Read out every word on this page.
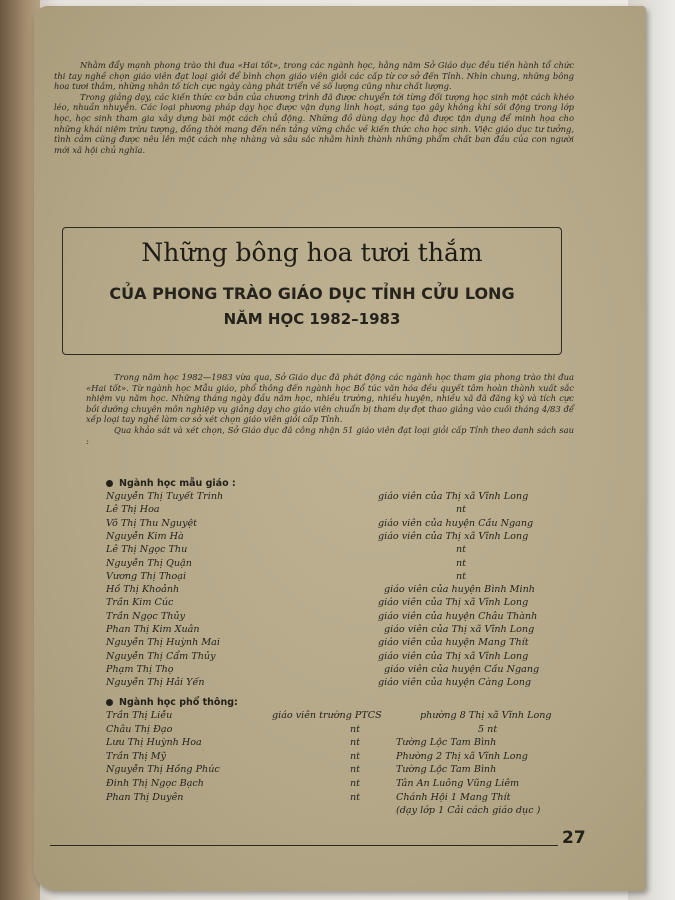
Nhằm đẩy mạnh phong trào thi đua «Hai tốt», trong các ngành học, hằng năm Sở Giáo dục đều tiến hành tổ chức thi tay nghề chọn giáo viên đạt loại giỏi để bình chọn giáo viên giỏi các cấp từ cơ sở đến Tỉnh. Nhìn chung, những bông hoa tươi thắm, những nhân tố tích cực ngày càng phát triển về số lượng cũng như chất lượng.

Trong giảng dạy, các kiến thức cơ bản của chương trình đã được chuyển tới từng đối tượng học sinh một cách khéo léo, nhuần nhuyễn. Các loại phương pháp dạy học được vận dụng linh hoạt, sáng tạo gây không khí sôi động trong lớp học, học sinh tham gia xây dựng bài một cách chủ động. Những đồ dùng dạy học đã được tận dụng để minh họa cho những khái niệm trừu tượng, đồng thời mang đến nền tảng vững chắc về kiến thức cho học sinh. Việc giáo dục tư tưởng, tình cảm cũng được nêu lên một cách nhẹ nhàng và sâu sắc nhằm hình thành những phẩm chất ban đầu của con người mới xã hội chủ nghĩa.

Những bông hoa tươi thắm
CỦA PHONG TRÀO GIÁO DỤC TỈNH CỬU LONG
NĂM HỌC 1982–1983

Trong năm học 1982—1983 vừa qua, Sở Giáo dục đã phát động các ngành học tham gia phong trào thi đua «Hai tốt». Từ ngành học Mẫu giáo, phổ thông đến ngành học Bổ túc văn hóa đều quyết tâm hoàn thành xuất sắc nhiệm vụ năm học. Những tháng ngày đầu năm học, nhiều trường, nhiều huyện, nhiều xã đã đăng ký và tích cực bồi dưỡng chuyên môn nghiệp vụ giảng dạy cho giáo viên chuẩn bị tham dự đợt thao giảng vào cuối tháng 4/83 để xếp loại tay nghề làm cơ sở xét chọn giáo viên giỏi cấp Tỉnh.

Qua khảo sát và xét chọn, Sở Giáo dục đã công nhận 51 giáo viên đạt loại giỏi cấp Tỉnh theo danh sách sau :

Ngành học mẫu giáo :
Nguyễn Thị Tuyết Trinh	giáo viên của Thị xã Vĩnh Long
Lê Thị Hoa	nt
Võ Thị Thu Nguyệt	giáo viên của huyện Cầu Ngang
Nguyễn Kim Hà	giáo viên của Thị xã Vĩnh Long
Lê Thị Ngọc Thu	nt
Nguyễn Thị Quận	nt
Vương Thị Thoại	nt
Hồ Thị Khoảnh	giáo viên của huyện Bình Minh
Trần Kim Cúc	giáo viên của Thị xã Vĩnh Long
Trần Ngọc Thủy	giáo viên của huyện Châu Thành
Phan Thị Kim Xuân	giáo viên của Thị xã Vĩnh Long
Nguyễn Thị Huỳnh Mai	giáo viên của huyện Mang Thít
Nguyễn Thị Cẩm Thủy	giáo viên của Thị xã Vĩnh Long
Phạm Thị Thọ	giáo viên của huyện Cầu Ngang
Nguyễn Thị Hải Yến	giáo viên của huyện Càng Long
Ngành học phổ thông:
Trần Thị Liễu	giáo viên trường PTCS	phường 8 Thị xã Vĩnh Long
Châu Thị Đạo	nt	5 nt
Lưu Thị Huỳnh Hoa	nt	Tường Lộc Tam Bình
Trần Thị Mỹ	nt	Phường 2 Thị xã Vĩnh Long
Nguyễn Thị Hồng Phúc	nt	Tường Lộc Tam Bình
Đinh Thị Ngọc Bạch	nt	Tân An Luông Vũng Liêm
Phan Thị Duyên	nt	Chánh Hội 1 Mang Thít
(dạy lớp 1 Cải cách giáo dục )
27
